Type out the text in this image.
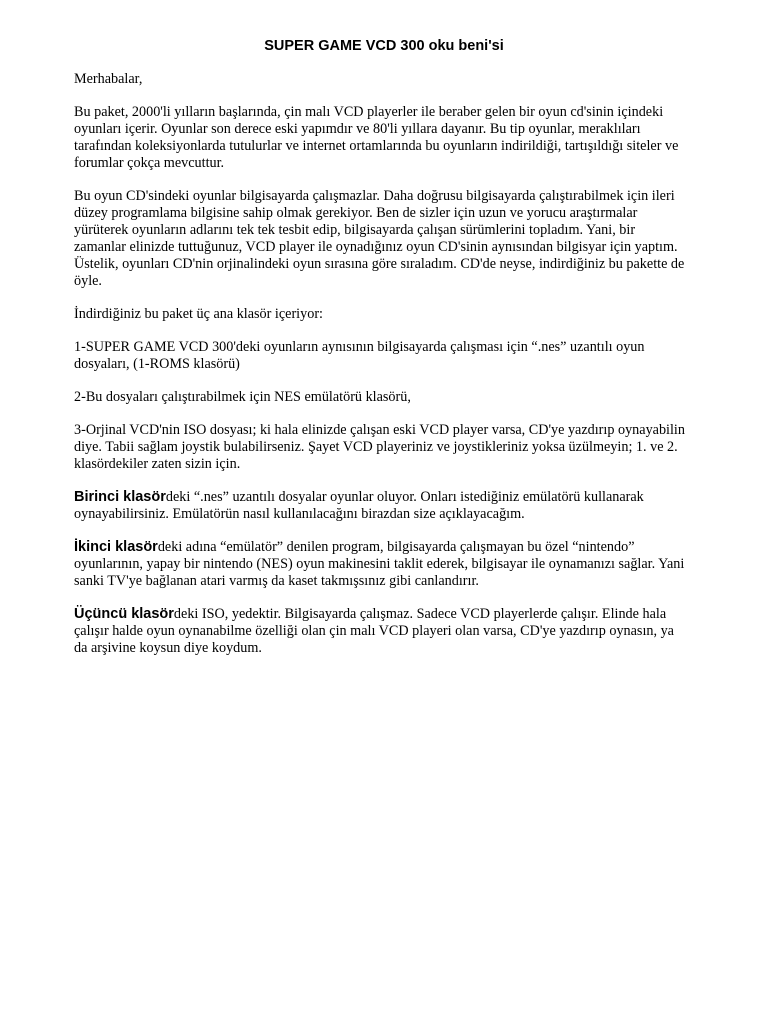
SUPER GAME VCD 300 oku beni'si

Merhabalar,

Bu paket, 2000'li yılların başlarında, çin malı VCD playerler ile beraber gelen bir oyun cd'sinin içindeki oyunları içerir. Oyunlar son derece eski yapımdır ve 80'li yıllara dayanır. Bu tip oyunlar, meraklıları tarafından koleksiyonlarda tutulurlar ve internet ortamlarında bu oyunların indirildiği, tartışıldığı siteler ve forumlar çokça mevcuttur.

Bu oyun CD'sindeki oyunlar bilgisayarda çalışmazlar. Daha doğrusu bilgisayarda çalıştırabilmek için ileri düzey programlama bilgisine sahip olmak gerekiyor. Ben de sizler için uzun ve yorucu araştırmalar yürüterek oyunların adlarını tek tek tesbit edip, bilgisayarda çalışan sürümlerini topladım. Yani, bir zamanlar elinizde tuttuğunuz, VCD player ile oynadığınız oyun CD'sinin aynısından bilgisyar için yaptım. Üstelik, oyunları CD'nin orjinalindeki oyun sırasına göre sıraladım. CD'de neyse, indirdiğiniz bu pakette de öyle.

İndirdiğiniz bu paket üç ana klasör içeriyor:

1-SUPER GAME VCD 300'deki oyunların aynısının bilgisayarda çalışması için “.nes” uzantılı oyun dosyaları, (1-ROMS klasörü)

2-Bu dosyaları çalıştırabilmek için NES emülatörü klasörü,

3-Orjinal VCD'nin ISO dosyası; ki hala elinizde çalışan eski VCD player varsa, CD'ye yazdırıp oynayabilin diye. Tabii sağlam joystik bulabilirseniz. Şayet VCD playeriniz ve joystikleriniz yoksa üzülmeyin; 1. ve 2. klasördekiler zaten sizin için.

Birinci klasördeki “.nes” uzantılı dosyalar oyunlar oluyor. Onları istediğiniz emülatörü kullanarak
oynayabilirsiniz. Emülatörün nasıl kullanılacağını birazdan size açıklayacağım.

İkinci klasördeki adına “emülatör” denilen program, bilgisayarda çalışmayan bu özel “nintendo” oyunlarının, yapay bir nintendo (NES) oyun makinesini taklit ederek, bilgisayar ile oynamanızı sağlar. Yani sanki TV'ye bağlanan atari varmış da kaset takmışsınız gibi canlandırır.

Üçüncü klasördeki ISO, yedektir. Bilgisayarda çalışmaz. Sadece VCD playerlerde çalışır. Elinde hala çalışır halde oyun oynanabilme özelliği olan çin malı VCD playeri olan varsa, CD'ye yazdırıp oynasın, ya da arşivine koysun diye koydum.
